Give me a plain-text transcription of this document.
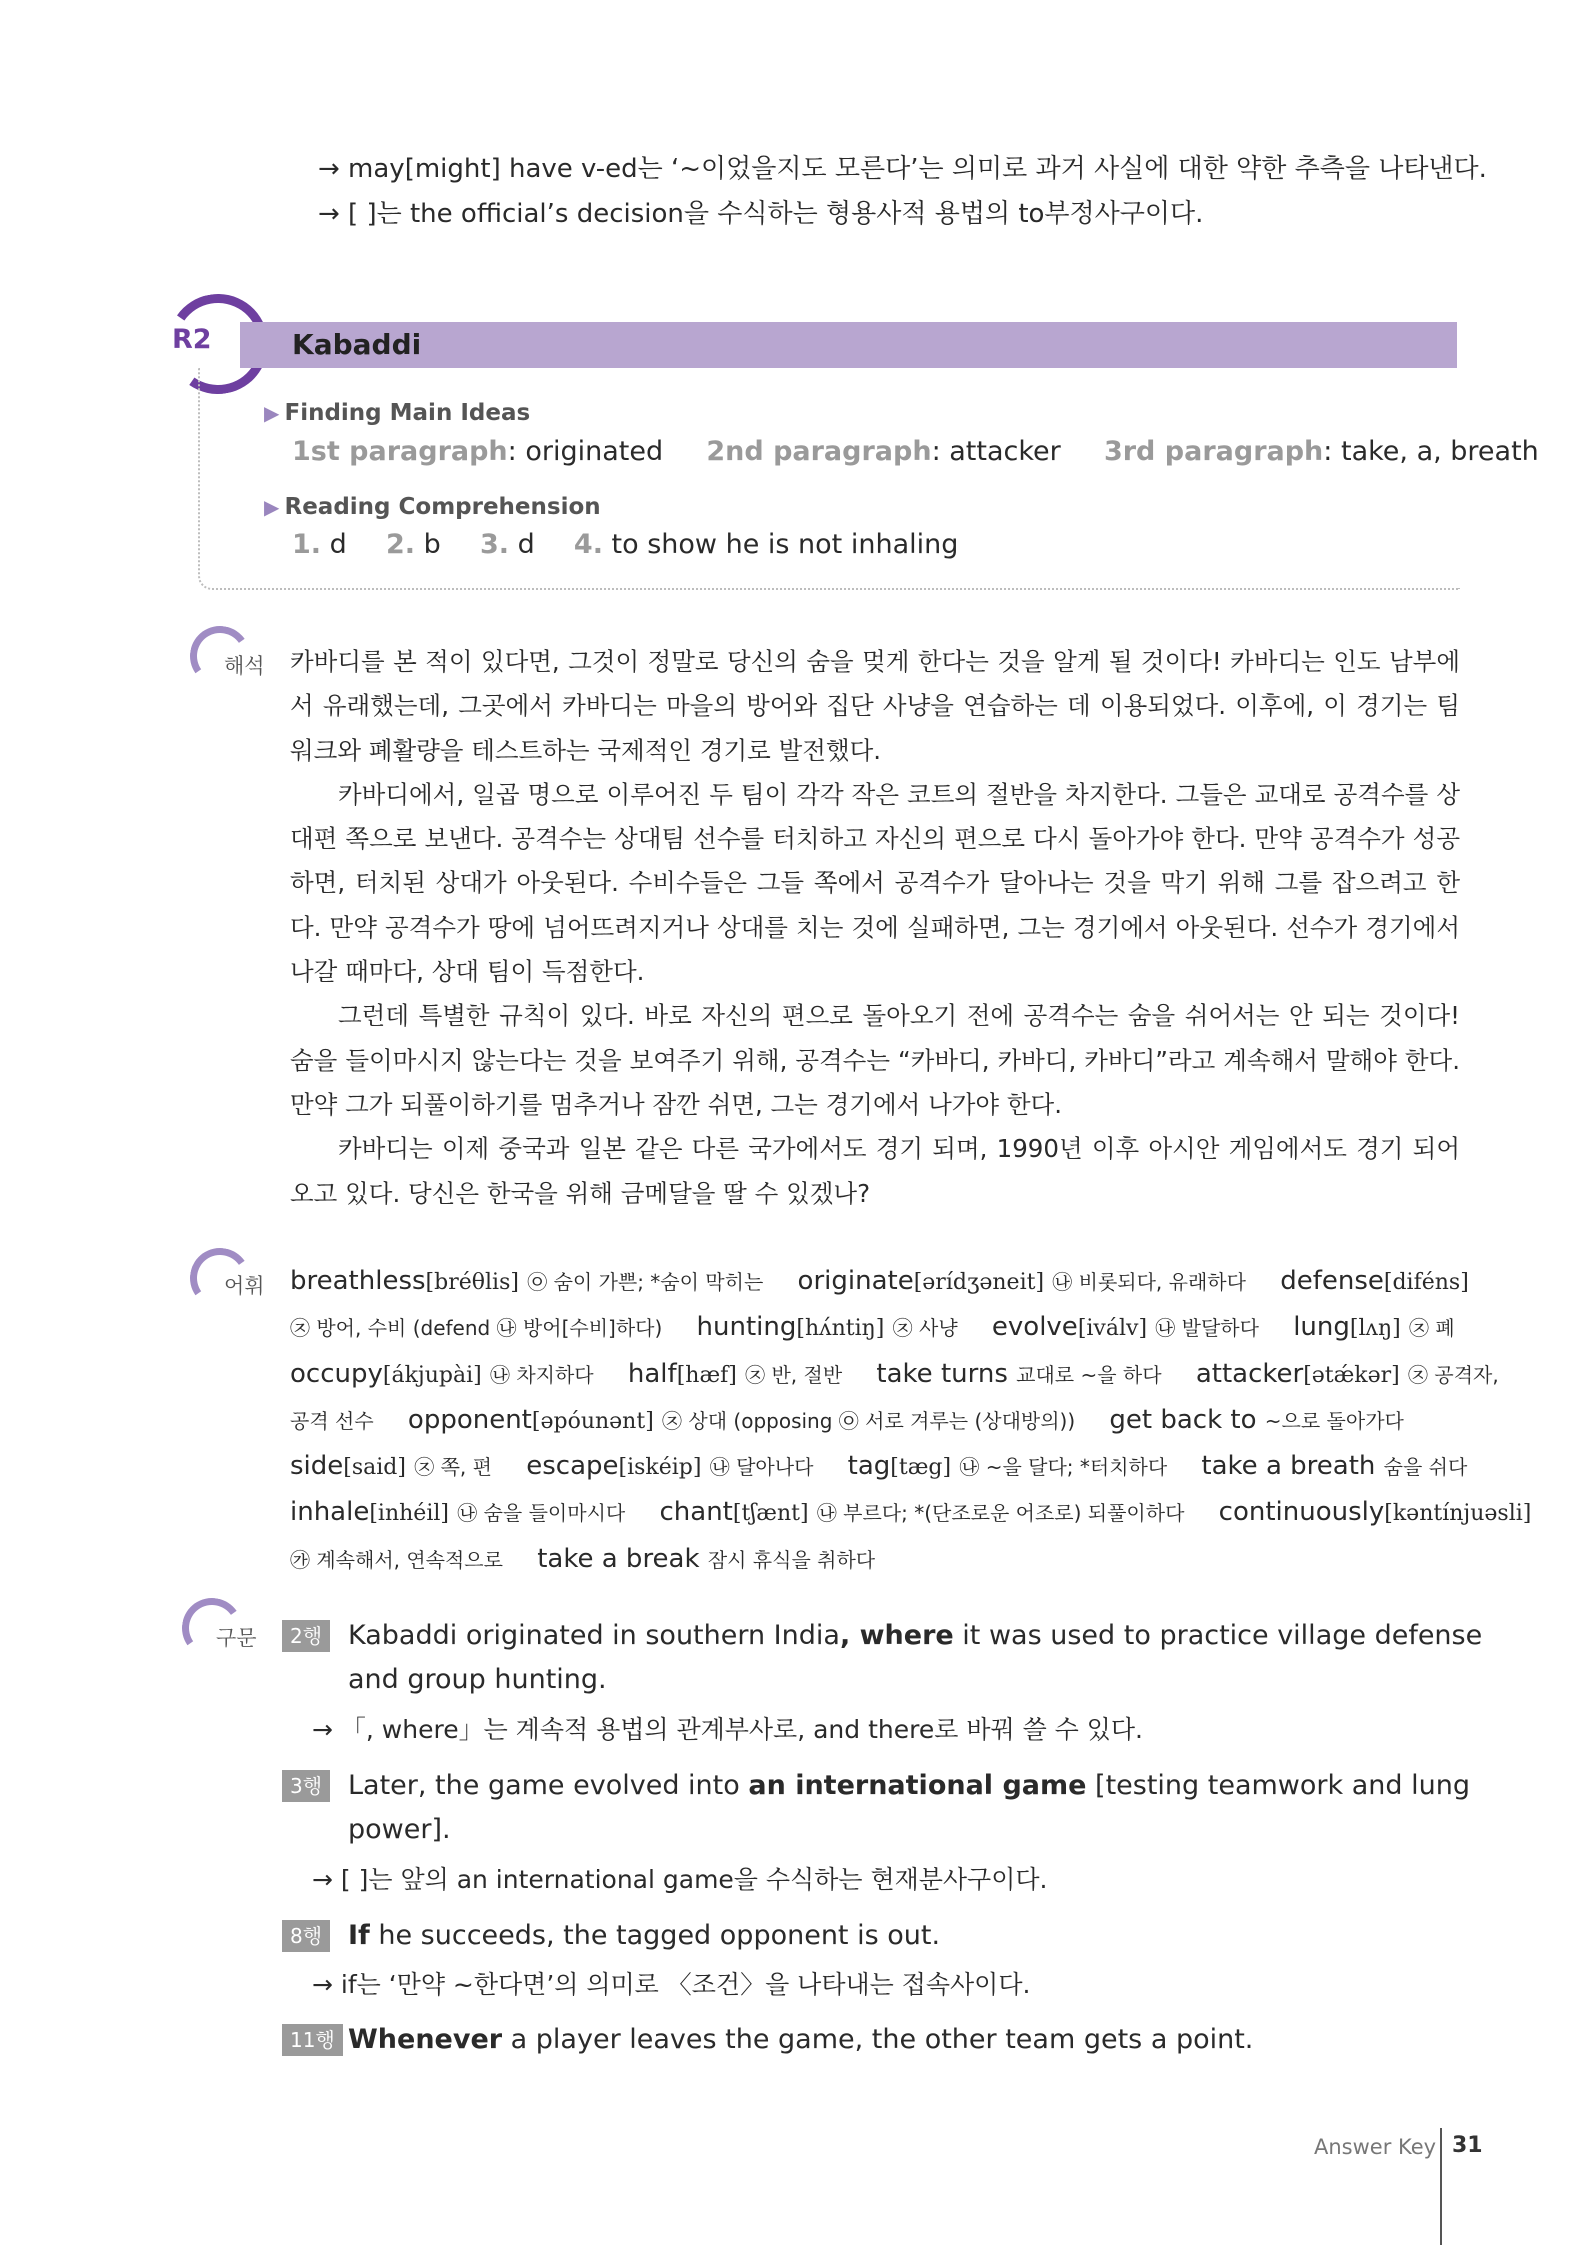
→ may[might] have v-ed는 ‘~이었을지도 모른다’는 의미로 과거 사실에 대한 약한 추측을 나타낸다.
→ [ ]는 the official’s decision을 수식하는 형용사적 용법의 to부정사구이다.
R2	Kabaddi
▶ Finding Main Ideas
1st paragraph: originated 2nd paragraph: attacker 3rd paragraph: take, a, breath
▶ Reading Comprehension
1. d 2. b 3. d 4. to show he is not inhaling
해석 카바디를 본 적이 있다면, 그것이 정말로 당신의 숨을 멎게 한다는 것을 알게 될 것이다! 카바디는 인도 남부에서 유래했는데, 그곳에서 카바디는 마을의 방어와 집단 사냥을 연습하는 데 이용되었다. 이후에, 이 경기는 팀워크와 폐활량을 테스트하는 국제적인 경기로 발전했다.

카바디에서, 일곱 명으로 이루어진 두 팀이 각각 작은 코트의 절반을 차지한다. 그들은 교대로 공격수를 상대편 쪽으로 보낸다. 공격수는 상대팀 선수를 터치하고 자신의 편으로 다시 돌아가야 한다. 만약 공격수가 성공하면, 터치된 상대가 아웃된다. 수비수들은 그들 쪽에서 공격수가 달아나는 것을 막기 위해 그를 잡으려고 한다. 만약 공격수가 땅에 넘어뜨려지거나 상대를 치는 것에 실패하면, 그는 경기에서 아웃된다. 선수가 경기에서 나갈 때마다, 상대 팀이 득점한다.

그런데 특별한 규칙이 있다. 바로 자신의 편으로 돌아오기 전에 공격수는 숨을 쉬어서는 안 되는 것이다! 숨을 들이마시지 않는다는 것을 보여주기 위해, 공격수는 “카바디, 카바디, 카바디”라고 계속해서 말해야 한다. 만약 그가 되풀이하기를 멈추거나 잠깐 쉬면, 그는 경기에서 나가야 한다.

카바디는 이제 중국과 일본 같은 다른 국가에서도 경기 되며, 1990년 이후 아시안 게임에서도 경기 되어오고 있다. 당신은 한국을 위해 금메달을 딸 수 있겠나?

어휘 breathless[bréθlis] ㉧ 숨이 가쁜; *숨이 막히는 originate[ərídʒəneit] ㉯ 비롯되다, 유래하다 defense[diféns]
㉨ 방어, 수비 (defend ㉯ 방어[수비]하다) hunting[hʌ́ntiŋ] ㉨ 사냥 evolve[iválv] ㉯ 발달하다 lung[lʌŋ] ㉨ 폐
occupy[ákjupài] ㉯ 차지하다 half[hæf] ㉨ 반, 절반 take turns 교대로 ~을 하다 attacker[ətǽkər] ㉨ 공격자,
공격 선수 opponent[əpóunənt] ㉨ 상대 (opposing ㉧ 서로 겨루는 (상대방의)) get back to ~으로 돌아가다
side[said] ㉨ 쪽, 편 escape[iskéip] ㉯ 달아나다 tag[tæg] ㉯ ~을 달다; *터치하다 take a breath 숨을 쉬다
inhale[inhéil] ㉯ 숨을 들이마시다 chant[tʃænt] ㉯ 부르다; *(단조로운 어조로) 되풀이하다 continuously[kəntínjuəsli]
㉮ 계속해서, 연속적으로 take a break 잠시 휴식을 취하다
구문	2행 Kabaddi originated in southern India, where it was used to practice village defense
and group hunting.
→ 「, where」는 계속적 용법의 관계부사로, and there로 바꿔 쓸 수 있다.
3행 Later, the game evolved into an international game [testing teamwork and lung
power].
→ [ ]는 앞의 an international game을 수식하는 현재분사구이다.
8행 If he succeeds, the tagged opponent is out.
→ if는 ‘만약 ~한다면’의 의미로 〈조건〉을 나타내는 접속사이다.
11행 Whenever a player leaves the game, the other team gets a point.
Answer Key 31
